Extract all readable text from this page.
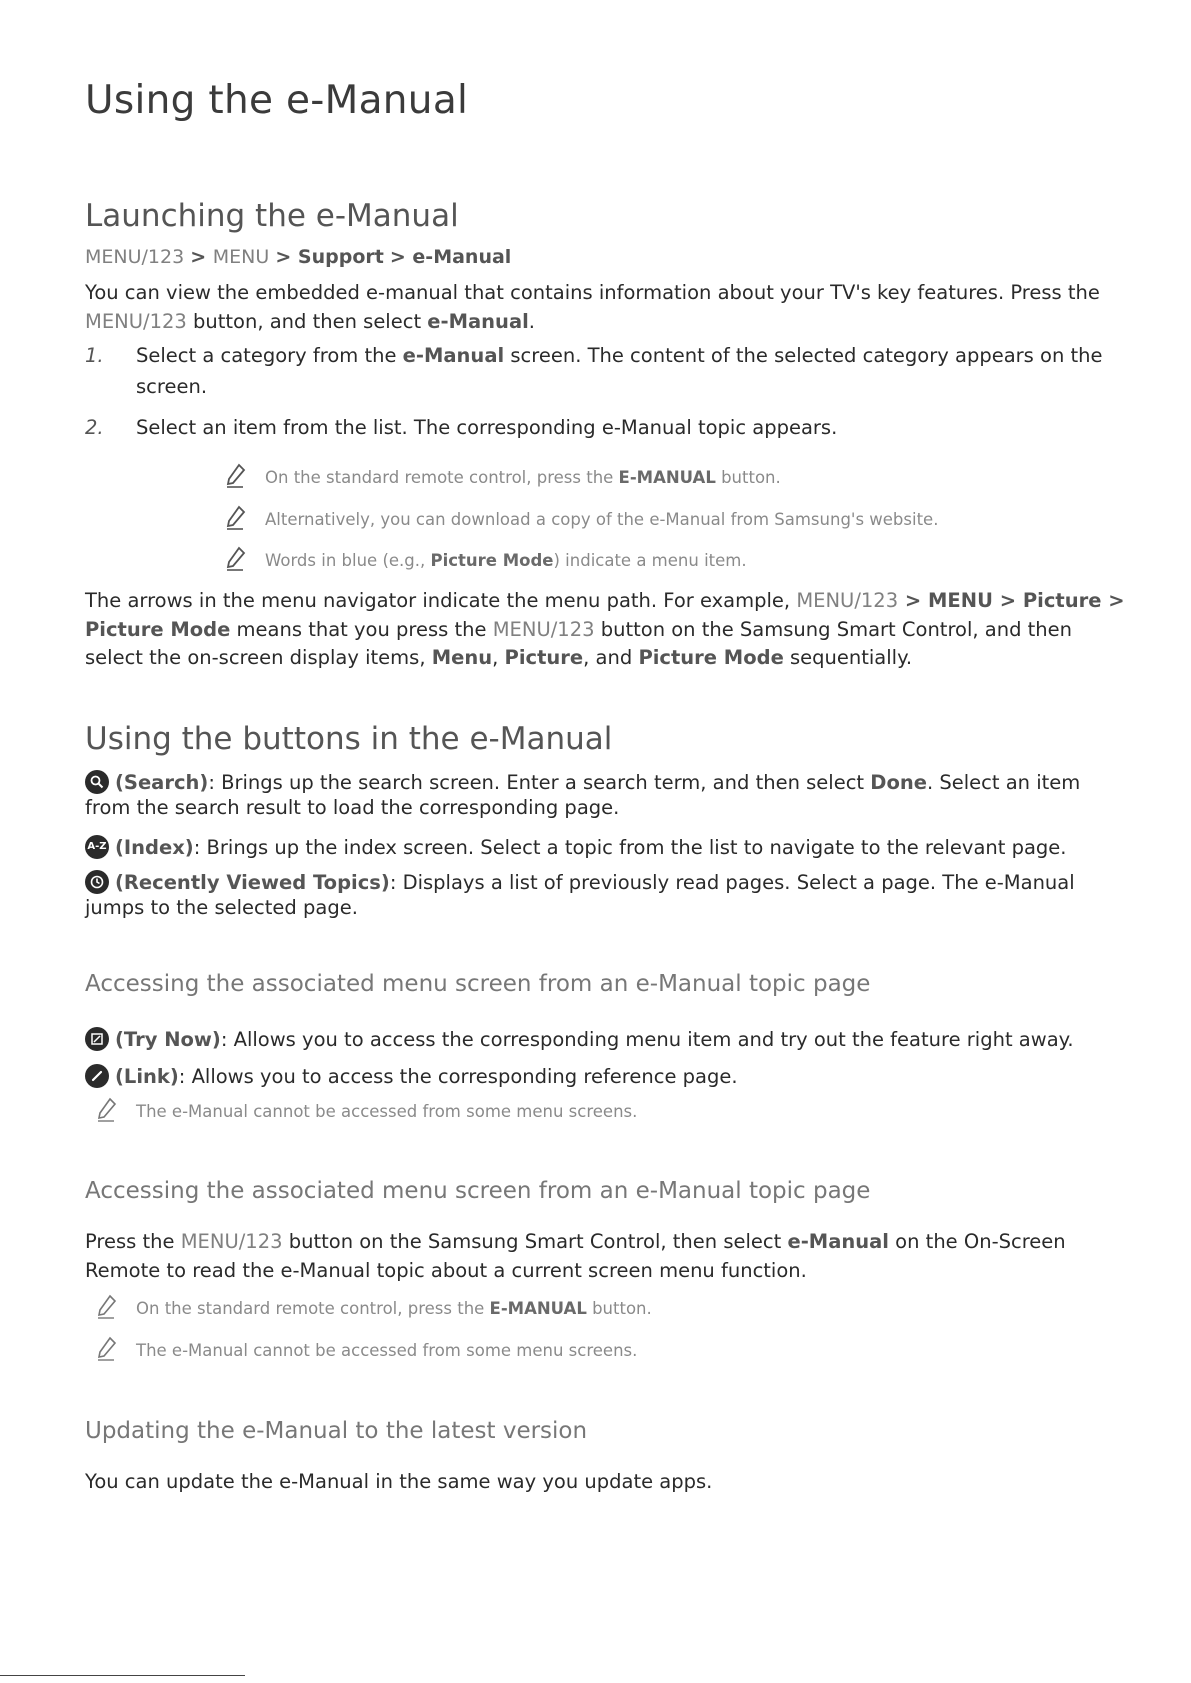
Using the e-Manual
Launching the e-Manual
MENU/123 > MENU > Support > e-Manual

You can view the embedded e-manual that contains information about your TV's key features. Press the MENU/123 button, and then select e-Manual.

1.	Select a category from the e-Manual screen. The content of the selected category appears on the screen.
2.	Select an item from the list. The corresponding e-Manual topic appears.
On the standard remote control, press the E-MANUAL button.
Alternatively, you can download a copy of the e-Manual from Samsung's website.
Words in blue (e.g., Picture Mode) indicate a menu item.

The arrows in the menu navigator indicate the menu path. For example, MENU/123 > MENU > Picture > Picture Mode means that you press the MENU/123 button on the Samsung Smart Control, and then select the on-screen display items, Menu, Picture, and Picture Mode sequentially.

Using the buttons in the e-Manual
(Search): Brings up the search screen. Enter a search term, and then select Done. Select an item from the search result to load the corresponding page.
A-Z (Index): Brings up the index screen. Select a topic from the list to navigate to the relevant page.
(Recently Viewed Topics): Displays a list of previously read pages. Select a page. The e-Manual jumps to the selected page.
Accessing the associated menu screen from an e-Manual topic page
(Try Now): Allows you to access the corresponding menu item and try out the feature right away.
(Link): Allows you to access the corresponding reference page.
The e-Manual cannot be accessed from some menu screens.
Accessing the associated menu screen from an e-Manual topic page

Press the MENU/123 button on the Samsung Smart Control, then select e-Manual on the On-Screen Remote to read the e-Manual topic about a current screen menu function.

On the standard remote control, press the E-MANUAL button.
The e-Manual cannot be accessed from some menu screens.
Updating the e-Manual to the latest version

You can update the e-Manual in the same way you update apps.
